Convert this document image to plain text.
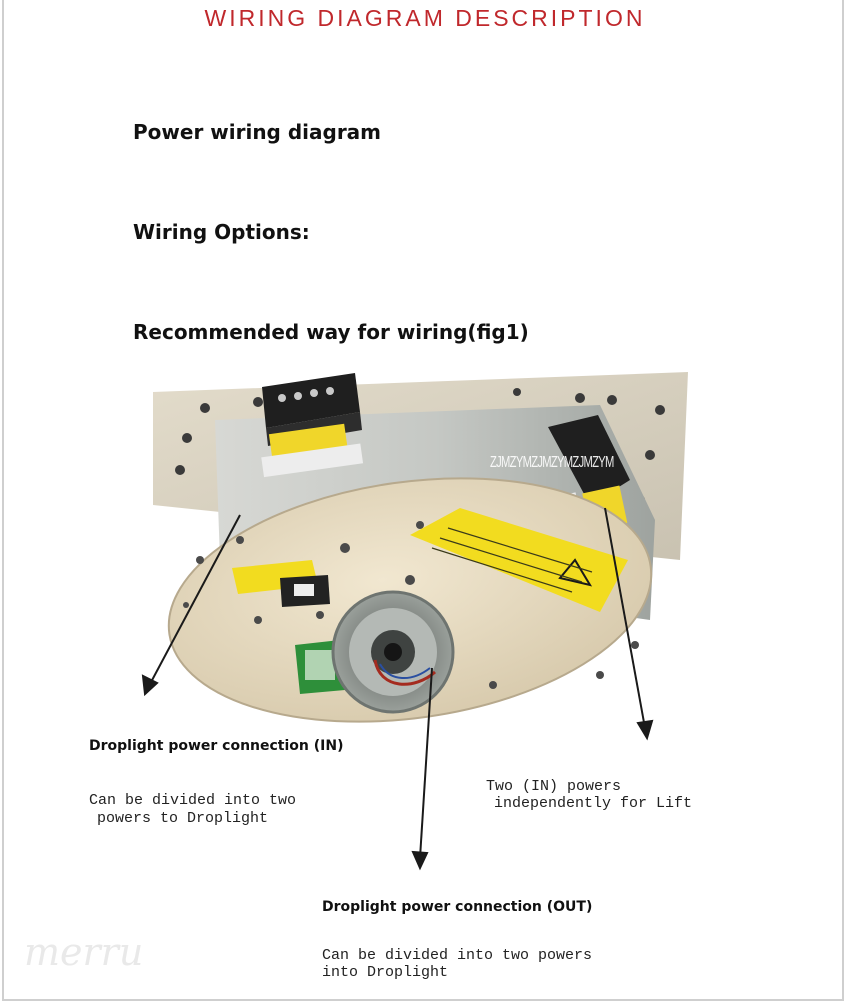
WIRING DIAGRAM DESCRIPTION
Power wiring diagram
Wiring Options:
Recommended way for wiring(fig1)
ZJMZYMZJMZYMZJMZYM
Droplight power connection (IN)
Can be divided into two
powers to Droplight
Two (IN) powers
independently for Lift
Droplight power connection (OUT)
Can be divided into two powers
into Droplight
merru
